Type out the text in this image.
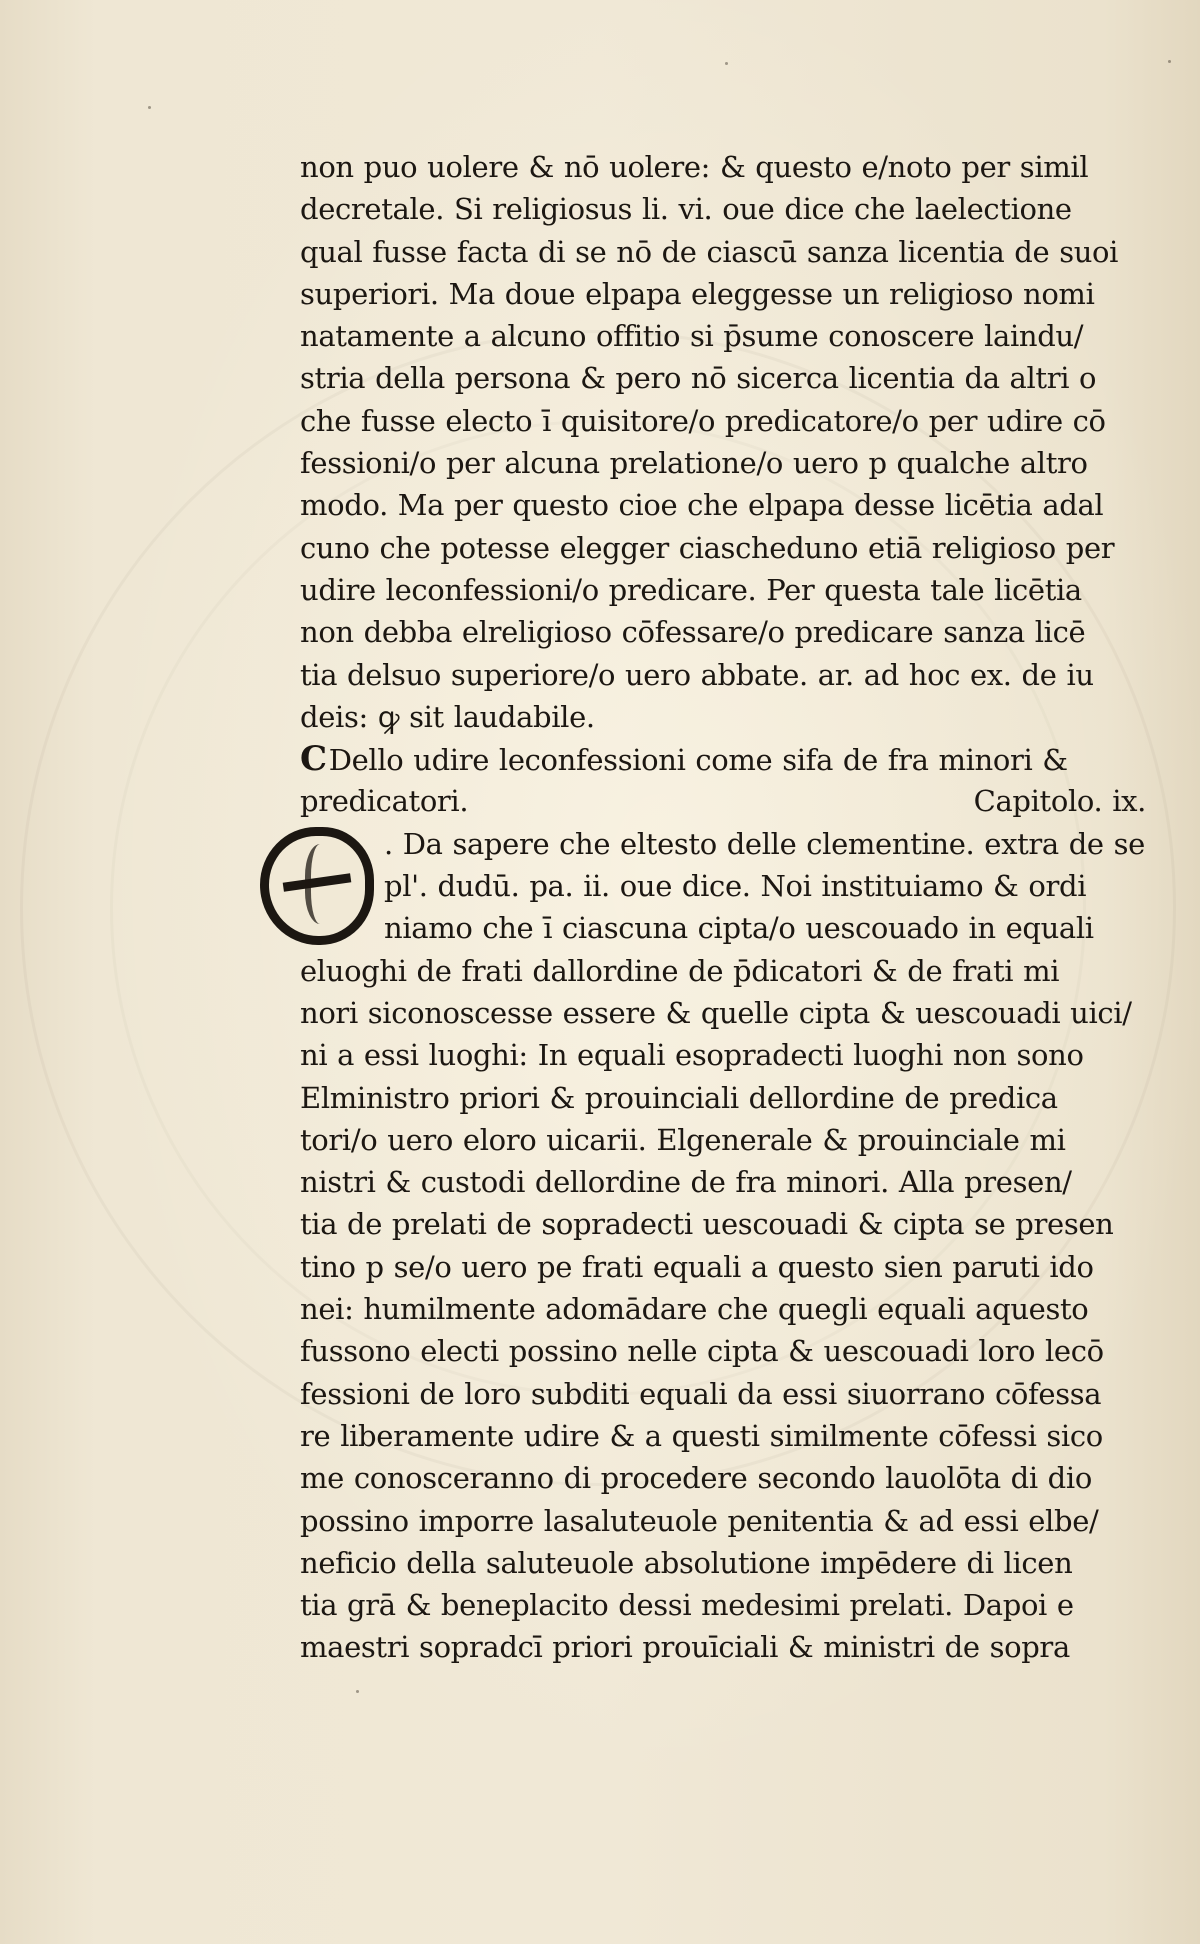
non puo uolere & nō uolere: & questo e/noto per simil
decretale. Si religiosus li. vi. oue dice che laelectione
qual fusse facta di se nō de ciascū sanza licentia de suoi
superiori. Ma doue elpapa eleggesse un religioso nomi
natamente a alcuno offitio si p̄sume conoscere laindu/
stria della persona & pero nō sicerca licentia da altri o
che fusse electo ī quisitore/o predicatore/o per udire cō
fessioni/o per alcuna prelatione/o uero p qualche altro
modo. Ma per questo cioe che elpapa desse licētia adal
cuno che potesse elegger ciascheduno etiā religioso per
udire leconfessioni/o predicare. Per questa tale licētia
non debba elreligioso cōfessare/o predicare sanza licē
tia delsuo superiore/o uero abbate. ar. ad hoc ex. de iu
deis: ꝙ sit laudabile.
CDello udire leconfessioni come sifa de fra minori &
predicatori.	Capitolo. ix.
. Da sapere che eltesto delle clementine. extra de se
pl'. dudū. pa. ii. oue dice. Noi instituiamo & ordi
niamo che ī ciascuna cipta/o uescouado in equali
eluoghi de frati dallordine de p̄dicatori & de frati mi
nori siconoscesse essere & quelle cipta & uescouadi uici/
ni a essi luoghi: In equali esopradecti luoghi non sono
Elministro priori & prouinciali dellordine de predica
tori/o uero eloro uicarii. Elgenerale & prouinciale mi
nistri & custodi dellordine de fra minori. Alla presen/
tia de prelati de sopradecti uescouadi & cipta se presen
tino p se/o uero pe frati equali a questo sien paruti ido
nei: humilmente adomādare che quegli equali aquesto
fussono electi possino nelle cipta & uescouadi loro lecō
fessioni de loro subditi equali da essi siuorrano cōfessa
re liberamente udire & a questi similmente cōfessi sico
me conosceranno di procedere secondo lauolōta di dio
possino imporre lasaluteuole penitentia & ad essi elbe/
neficio della saluteuole absolutione impēdere di licen
tia grā & beneplacito dessi medesimi prelati. Dapoi e
maestri sopradcī priori prouīciali & ministri de sopra
